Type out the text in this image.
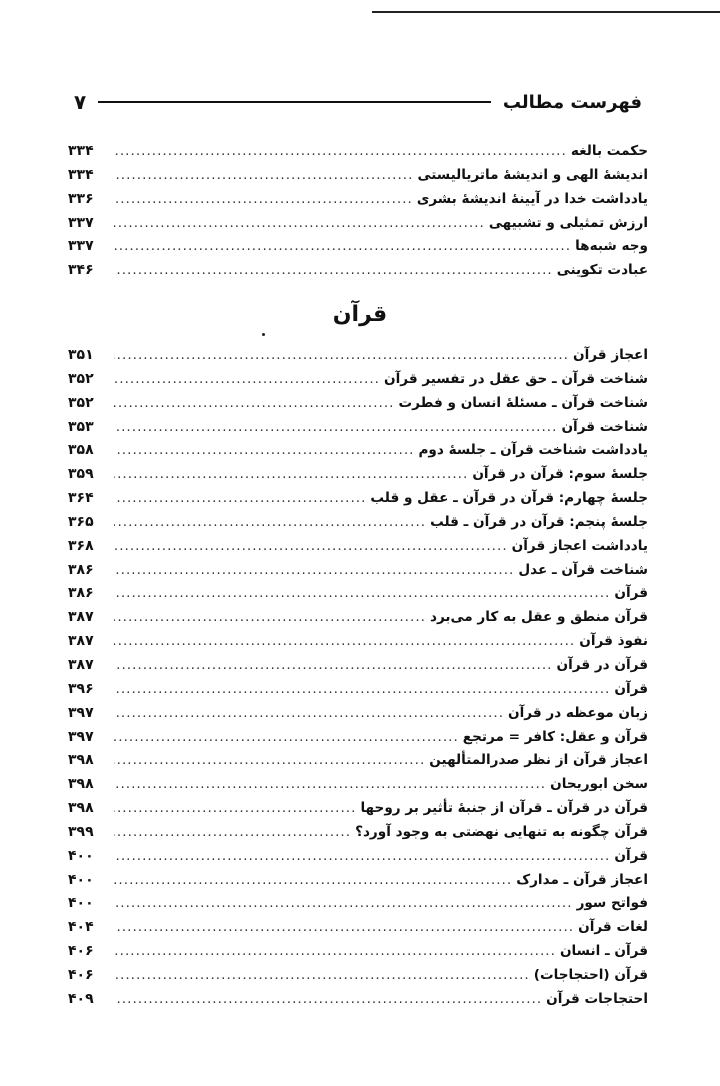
فهرست مطالب
۷
حکمت بالغه
.....
۳۳۴
اندیشهٔ الهی و اندیشهٔ ماتریالیستی
.....
۳۳۴
یادداشت خدا در آیینهٔ اندیشهٔ بشری
.....
۳۳۶
ارزش تمثیلی و تشبیهی
.....
۳۳۷
وجه شبه‌ها
.....
۳۳۷
عبادت تکوینی
.....
۳۴۶
قرآن
اعجاز قرآن
.....
۳۵۱
شناخت قرآن ـ حق عقل در تفسیر قرآن
.....
۳۵۲
شناخت قرآن ـ مسئلهٔ انسان و فطرت
.....
۳۵۲
شناخت قرآن
.....
۳۵۳
یادداشت شناخت قرآن ـ جلسهٔ دوم
.....
۳۵۸
جلسهٔ سوم: قرآن در قرآن
.....
۳۵۹
جلسهٔ چهارم: قرآن در قرآن ـ عقل و قلب
.....
۳۶۴
جلسهٔ پنجم: قرآن در قرآن ـ قلب
.....
۳۶۵
یادداشت اعجاز قرآن
.....
۳۶۸
شناخت قرآن ـ عدل
.....
۳۸۶
قرآن
.....
۳۸۶
قرآن منطق و عقل به کار می‌برد
.....
۳۸۷
نفوذ قرآن
.....
۳۸۷
قرآن در قرآن
.....
۳۸۷
قرآن
.....
۳۹۶
زبان موعظه در قرآن
.....
۳۹۷
قرآن و عقل: کافر = مرتجع
.....
۳۹۷
اعجاز قرآن از نظر صدرالمتألهین
.....
۳۹۸
سخن ابوریحان
.....
۳۹۸
قرآن در قرآن ـ قرآن از جنبهٔ تأثیر بر روحها
.....
۳۹۸
قرآن چگونه به تنهایی نهضتی به وجود آورد؟
.....
۳۹۹
قرآن
.....
۴۰۰
اعجاز قرآن ـ مدارک
.....
۴۰۰
فواتح سور
.....
۴۰۰
لغات قرآن
.....
۴۰۴
قرآن ـ انسان
.....
۴۰۶
قرآن (احتجاجات)
.....
۴۰۶
احتجاجات قرآن
.....
۴۰۹
